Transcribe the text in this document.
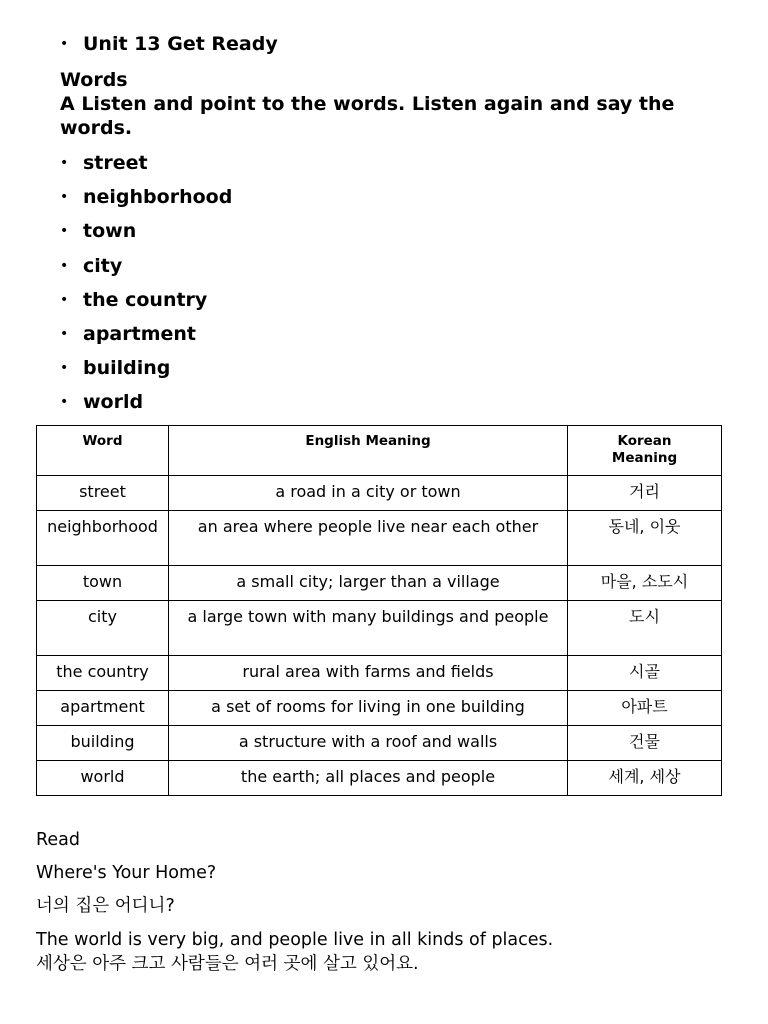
• Unit 13 Get Ready
Words
A Listen and point to the words. Listen again and say the words.
• street
• neighborhood
• town
• city
• the country
• apartment
• building
• world
Word	English Meaning	Korean Meaning
street	a road in a city or town	거리
neighborhood	an area where people live near each other	동네, 이웃
town	a small city; larger than a village	마을, 소도시
city	a large town with many buildings and people	도시
the country	rural area with farms and fields	시골
apartment	a set of rooms for living in one building	아파트
building	a structure with a roof and walls	건물
world	the earth; all places and people	세계, 세상
Read
Where's Your Home?
너의 집은 어디니?
The world is very big, and people live in all kinds of places.
세상은 아주 크고 사람들은 여러 곳에 살고 있어요.
